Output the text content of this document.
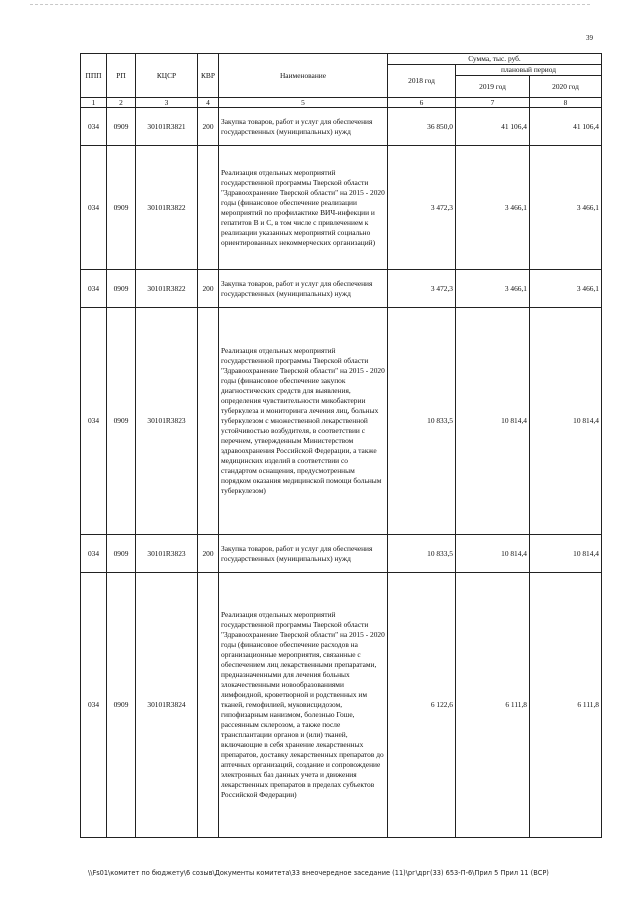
39
ППП	РП	КЦСР	КВР	Наименование	Сумма, тыс. руб.		
					2018 год	плановый период	
						2019 год	2020 год
1	2	3	4	5	6	7	8
034	0909	30101R3821	200	Закупка товаров, работ и услуг для обеспечения государственных (муниципальных) нужд	36 850,0	41 106,4	41 106,4
034	0909	30101R3822		Реализация отдельных мероприятий государственной программы Тверской области "Здравоохранение Тверской области" на 2015 - 2020 годы (финансовое обеспечение реализации мероприятий по профилактике ВИЧ-инфекции и гепатитов В и С, в том числе с привлечением к реализации указанных мероприятий социально ориентированных некоммерческих организаций)	3 472,3	3 466,1	3 466,1
034	0909	30101R3822	200	Закупка товаров, работ и услуг для обеспечения государственных (муниципальных) нужд	3 472,3	3 466,1	3 466,1
034	0909	30101R3823		Реализация отдельных мероприятий государственной программы Тверской области "Здравоохранение Тверской области" на 2015 - 2020 годы (финансовое обеспечение закупок диагностических средств для выявления, определения чувствительности микобактерии туберкулеза и мониторинга лечения лиц, больных туберкулезом с множественной лекарственной устойчивостью возбудителя, в соответствии с перечнем, утвержденным Министерством здравоохранения Российской Федерации, а также медицинских изделий в соответствии со стандартом оснащения, предусмотренным порядком оказания медицинской помощи больным туберкулезом)	10 833,5	10 814,4	10 814,4
034	0909	30101R3823	200	Закупка товаров, работ и услуг для обеспечения государственных (муниципальных) нужд	10 833,5	10 814,4	10 814,4
034	0909	30101R3824		Реализация отдельных мероприятий государственной программы Тверской области "Здравоохранение Тверской области" на 2015 - 2020 годы (финансовое обеспечение расходов на организационные мероприятия, связанные с обеспечением лиц лекарственными препаратами, предназначенными для лечения больных злокачественными новообразованиями лимфоидной, кроветворной и родственных им тканей, гемофилией, муковисцидозом, гипофизарным нанизмом, болезнью Гоше, рассеянным склерозом, а также после трансплантации органов и (или) тканей, включающие в себя хранение лекарственных препаратов, доставку лекарственных препаратов до аптечных организаций, создание и сопровождение электронных баз данных учета и движения лекарственных препаратов в пределах субъектов Российской Федерации)	6 122,6	6 111,8	6 111,8
\\Fs01\комитет по бюджету\6 созыв\Документы комитета\33 внеочередное заседание (11)\рг\дрг(33) 653-П-6\Прил 5 Прил 11 (ВСР)
